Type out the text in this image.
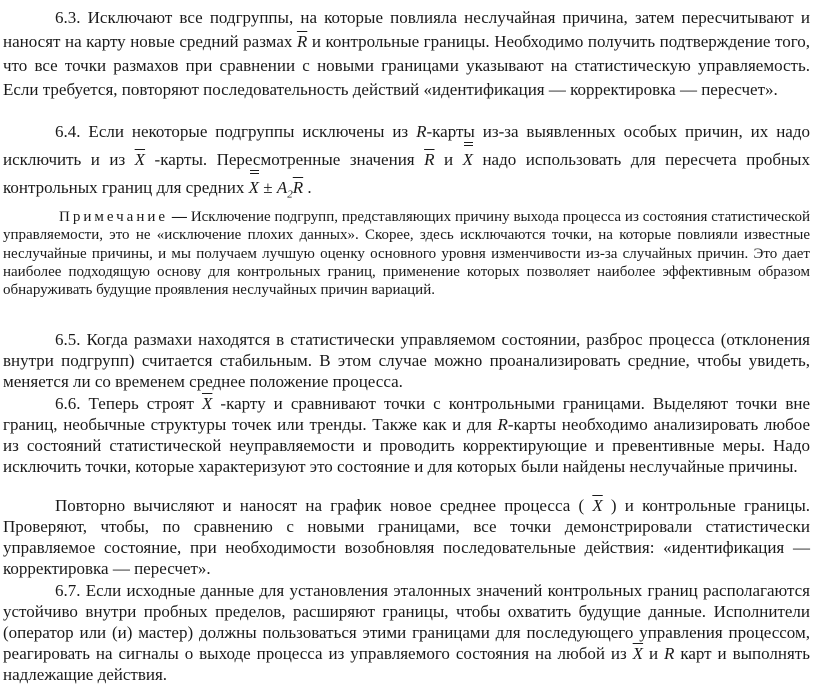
6.3. Исключают все подгруппы, на которые повлияла неслучайная причина, затем пересчитывают и наносят на карту новые средний размах $\overline{R}$ и контрольные границы. Необходимо получить подтверждение того, что все точки размахов при сравнении с новыми границами указывают на статистическую управляемость. Если требуется, повторяют последовательность действий «идентификация — корректировка — пересчет».
6.4. Если некоторые подгруппы исключены из R-карты из-за выявленных особых причин, их надо исключить и из $\overline{X}$ -карты. Пересмотренные значения $\overline{R}$ и X надо использовать для пересчета пробных контрольных границ для средних $X \pm A_2\overline{R}$ .
Примечание — Исключение подгрупп, представляющих причину выхода процесса из состояния статистической управляемости, это не «исключение плохих данных». Скорее, здесь исключаются точки, на которые повлияли известные неслучайные причины, и мы получаем лучшую оценку основного уровня изменчивости из-за случайных причин. Это дает наиболее подходящую основу для контрольных границ, применение которых позволяет наиболее эффективным образом обнаруживать будущие проявления неслучайных причин вариаций.
6.5. Когда размахи находятся в статистически управляемом состоянии, разброс процесса (отклонения внутри подгрупп) считается стабильным. В этом случае можно проанализировать средние, чтобы увидеть, меняется ли со временем среднее положение процесса.
6.6. Теперь строят $\overline{X}$ -карту и сравнивают точки с контрольными границами. Выделяют точки вне границ, необычные структуры точек или тренды. Также как и для R-карты необходимо анализировать любое из состояний статистической неуправляемости и проводить корректирующие и превентивные меры. Надо исключить точки, которые характеризуют это состояние и для которых были найдены неслучайные причины.
Повторно вычисляют и наносят на график новое среднее процесса ( $\overline{X}$ ) и контрольные границы. Проверяют, чтобы, по сравнению с новыми границами, все точки демонстрировали статистически управляемое состояние, при необходимости возобновляя последовательные действия: «идентификация — корректировка — пересчет».
6.7. Если исходные данные для установления эталонных значений контрольных границ располагаются устойчиво внутри пробных пределов, расширяют границы, чтобы охватить будущие данные. Исполнители (оператор или (и) мастер) должны пользоваться этими границами для последующего управления процессом, реагировать на сигналы о выходе процесса из управляемого состояния на любой из $\overline{X}$ и R карт и выполнять надлежащие действия.
